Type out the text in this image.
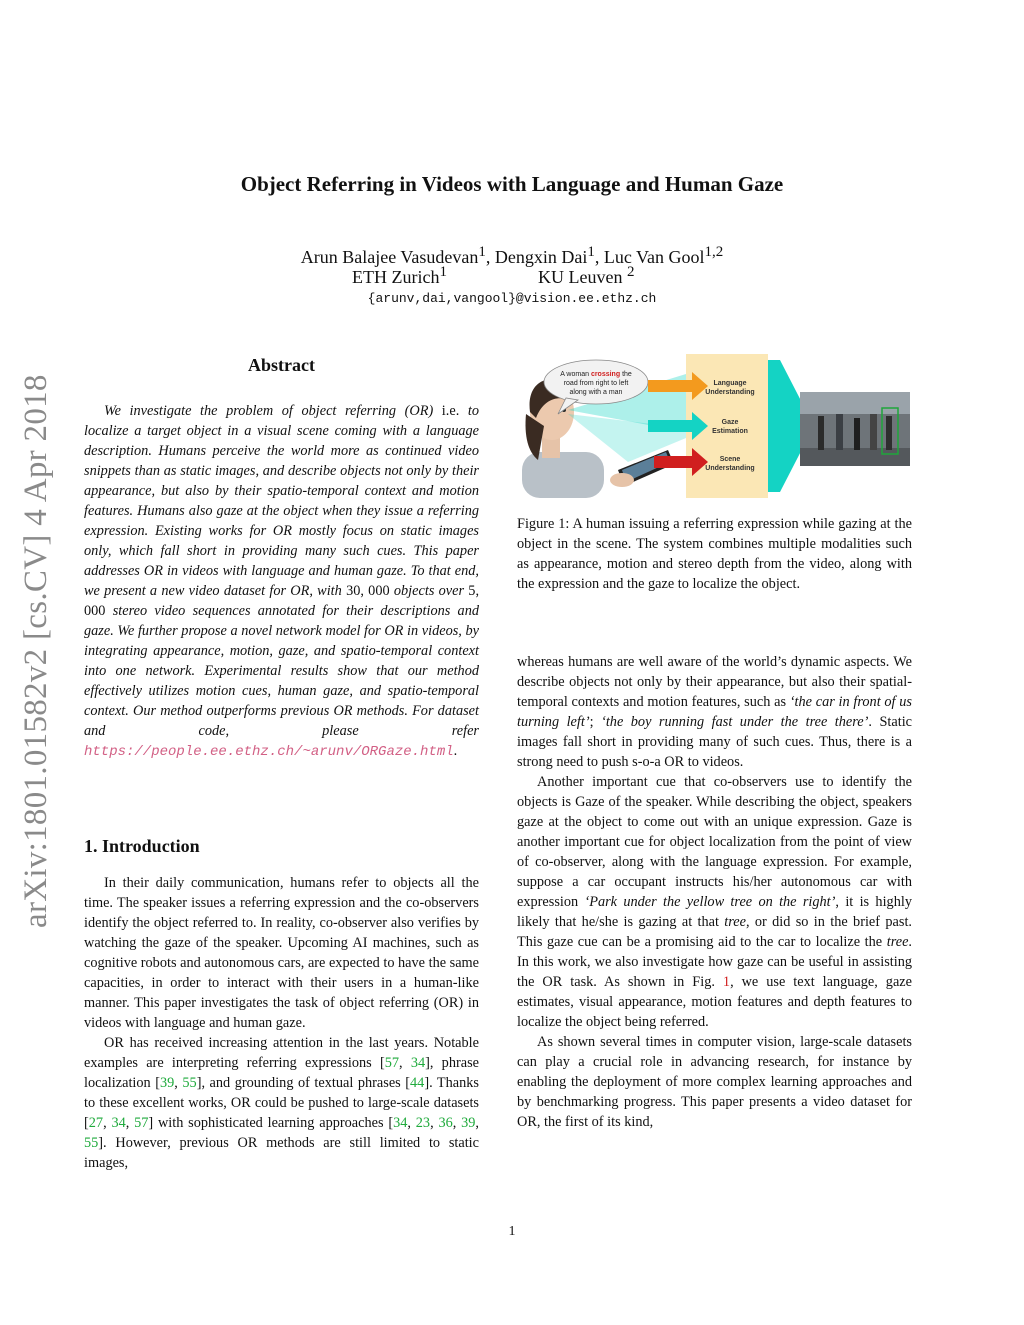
Object Referring in Videos with Language and Human Gaze
Arun Balajee Vasudevan$^1$, Dengxin Dai$^1$, Luc Van Gool$^{1,2}$
ETH Zurich$^1$	KU Leuven $^2$
{arunv,dai,vangool}@vision.ee.ethz.ch
arXiv:1801.01582v2 [cs.CV] 4 Apr 2018
Abstract

We investigate the problem of object referring (OR) i.e. to localize a target object in a visual scene coming with a language description. Humans perceive the world more as continued video snippets than as static images, and describe objects not only by their appearance, but also by their spatio-temporal context and motion features. Humans also gaze at the object when they issue a referring expression. Existing works for OR mostly focus on static images only, which fall short in providing many such cues. This paper addresses OR in videos with language and human gaze. To that end, we present a new video dataset for OR, with 30, 000 objects over 5, 000 stereo video sequences annotated for their descriptions and gaze. We further propose a novel network model for OR in videos, by integrating appearance, motion, gaze, and spatio-temporal context into one network. Experimental results show that our method effectively utilizes motion cues, human gaze, and spatio-temporal context. Our method outperforms previous OR methods. For dataset and code, please refer https://people.ee.ethz.ch/~arunv/ORGaze.html.

1. Introduction

In their daily communication, humans refer to objects all the time. The speaker issues a referring expression and the co-observers identify the object referred to. In reality, co-observer also verifies by watching the gaze of the speaker. Upcoming AI machines, such as cognitive robots and autonomous cars, are expected to have the same capacities, in order to interact with their users in a human-like manner. This paper investigates the task of object referring (OR) in videos with language and human gaze.

OR has received increasing attention in the last years. Notable examples are interpreting referring expressions [57, 34], phrase localization [39, 55], and grounding of textual phrases [44]. Thanks to these excellent works, OR could be pushed to large-scale datasets [27, 34, 57] with sophisticated learning approaches [34, 23, 36, 39, 55]. However, previous OR methods are still limited to static images,

A woman crossing the
road from right to left
along with a man
Language
Understanding
Gaze
Estimation
Scene
Understanding

Figure 1: A human issuing a referring expression while gazing at the object in the scene. The system combines multiple modalities such as appearance, motion and stereo depth from the video, along with the expression and the gaze to localize the object.

whereas humans are well aware of the world’s dynamic aspects. We describe objects not only by their appearance, but also their spatial-temporal contexts and motion features, such as ‘the car in front of us turning left’; ‘the boy running fast under the tree there’. Static images fall short in providing many of such cues. Thus, there is a strong need to push s-o-a OR to videos.

Another important cue that co-observers use to identify the objects is Gaze of the speaker. While describing the object, speakers gaze at the object to come out with an unique expression. Gaze is another important cue for object localization from the point of view of co-observer, along with the language expression. For example, suppose a car occupant instructs his/her autonomous car with expression ‘Park under the yellow tree on the right’, it is highly likely that he/she is gazing at that tree, or did so in the brief past. This gaze cue can be a promising aid to the car to localize the tree. In this work, we also investigate how gaze can be useful in assisting the OR task. As shown in Fig. 1, we use text language, gaze estimates, visual appearance, motion features and depth features to localize the object being referred.

As shown several times in computer vision, large-scale datasets can play a crucial role in advancing research, for instance by enabling the deployment of more complex learning approaches and by benchmarking progress. This paper presents a video dataset for OR, the first of its kind,

1
